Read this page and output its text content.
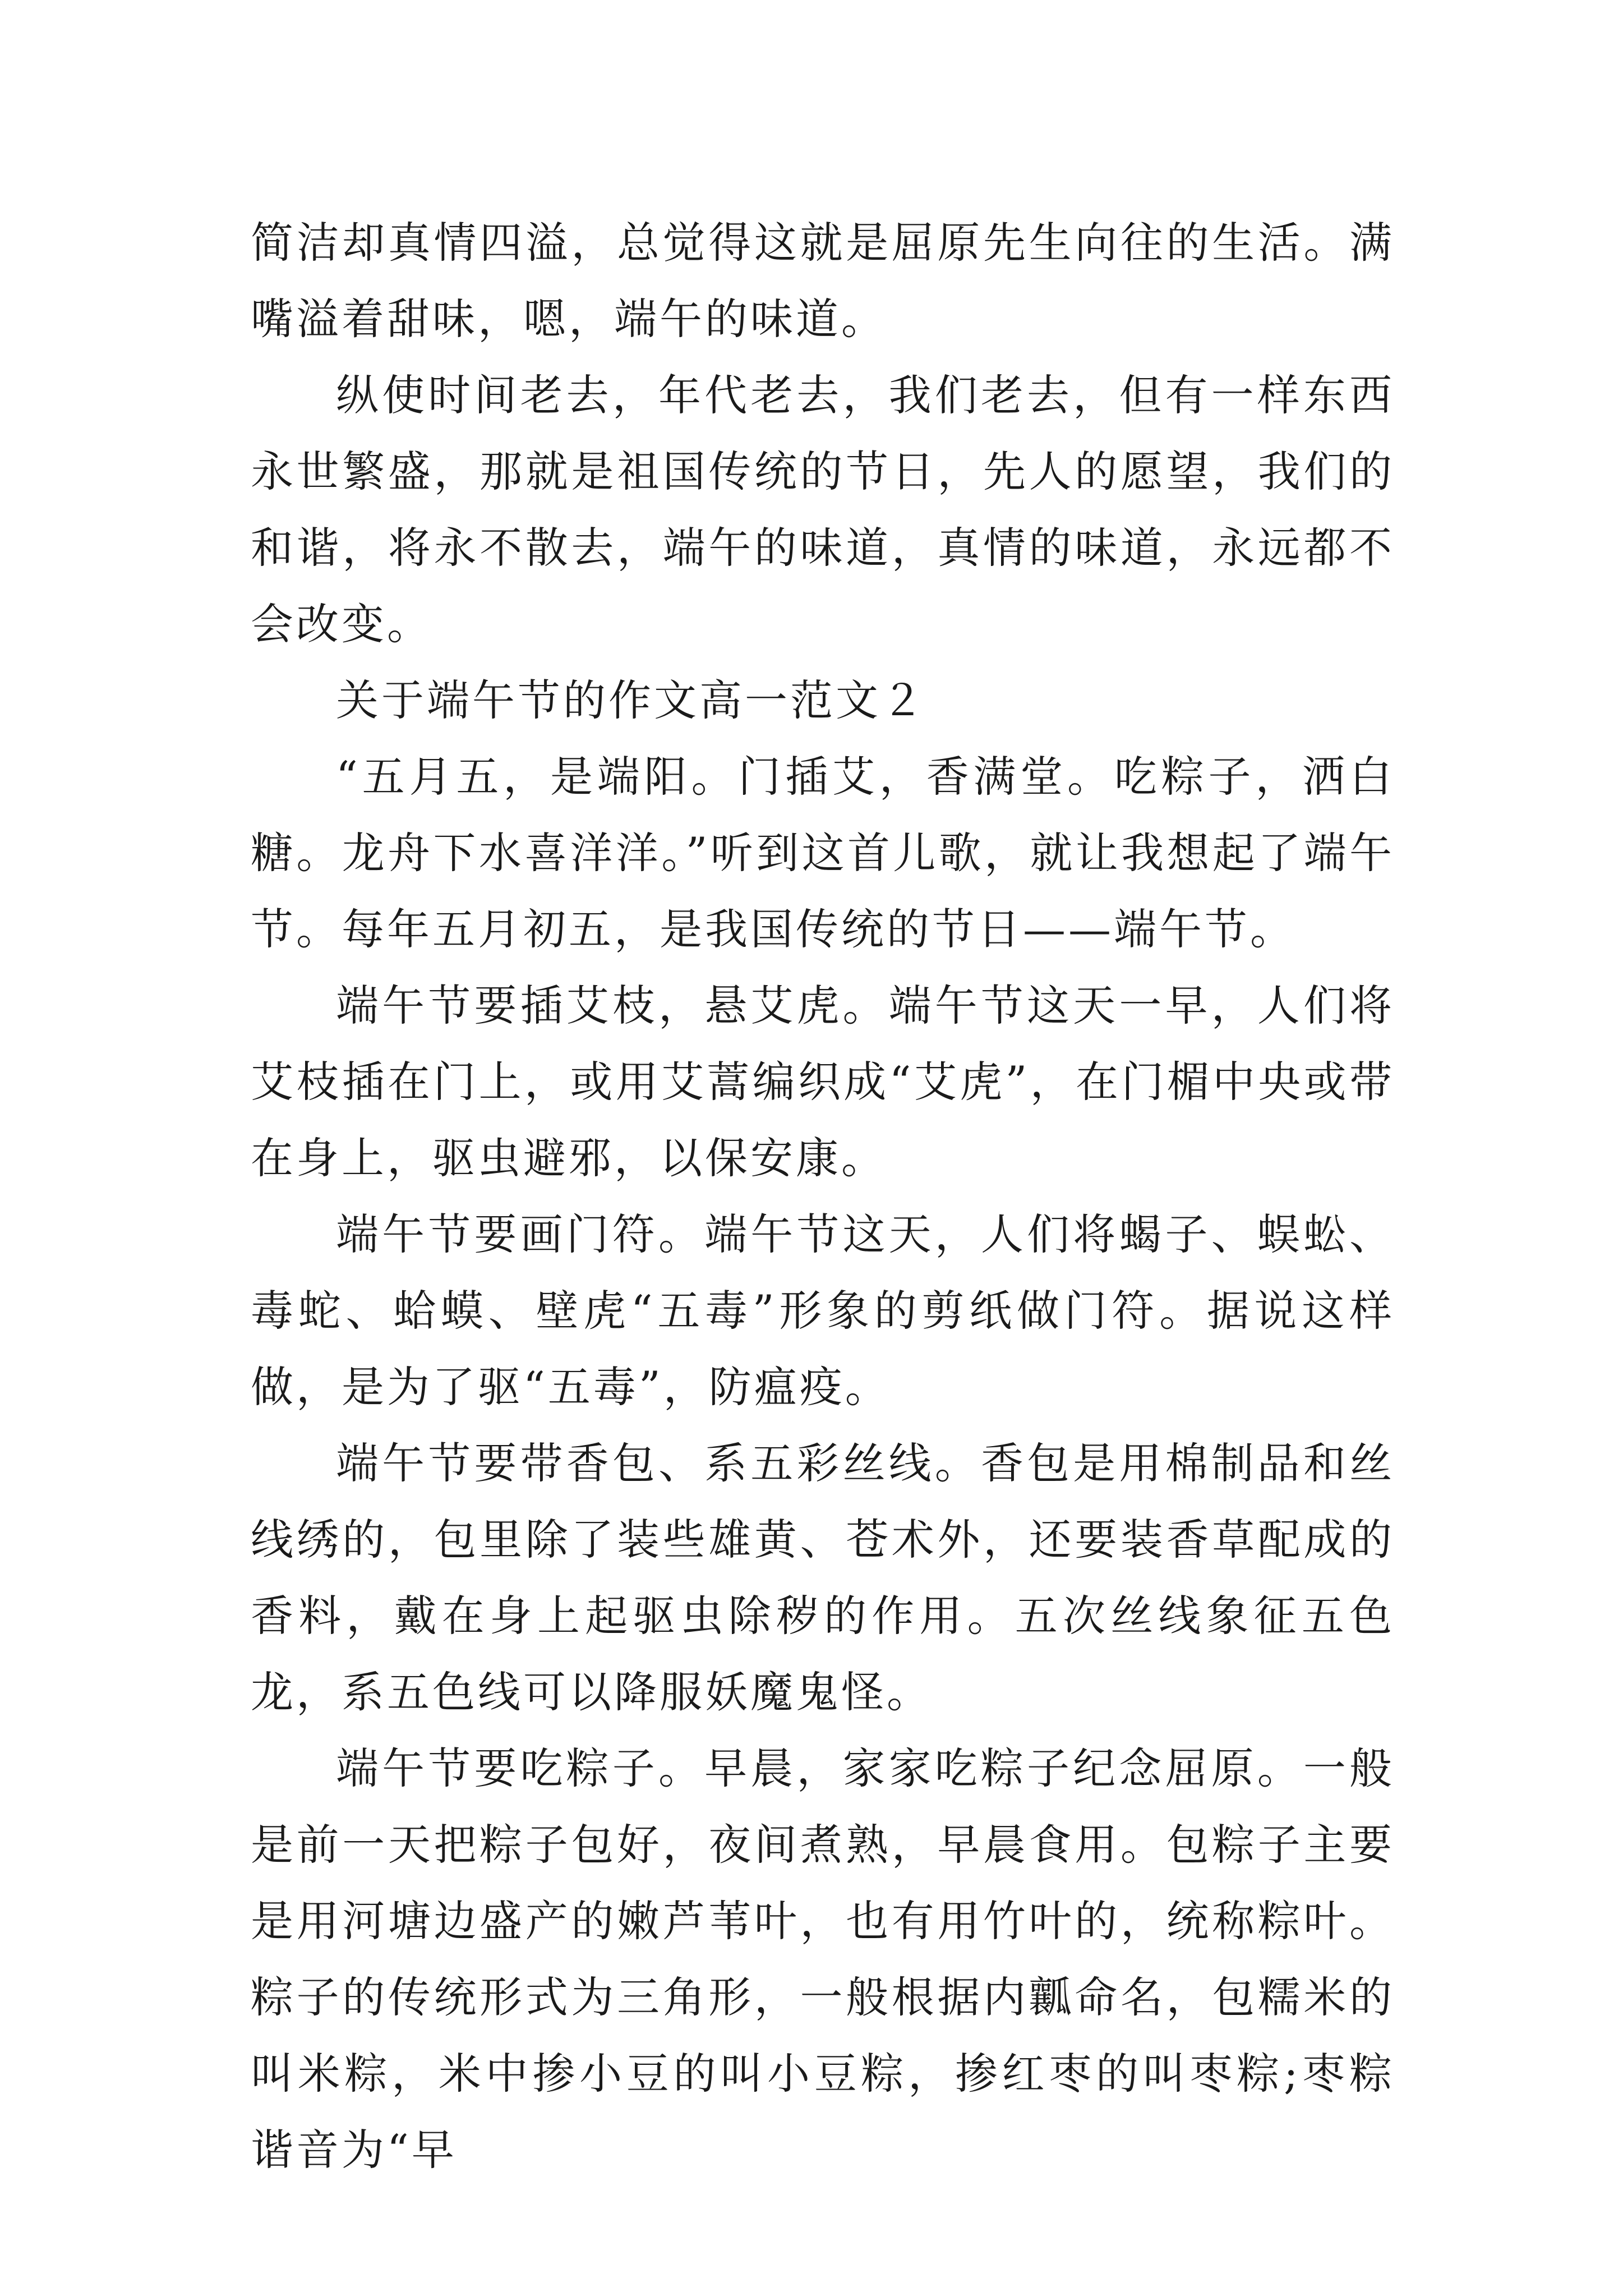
简洁却真情四溢，总觉得这就是屈原先生向往的生活。满嘴溢着甜味，嗯，端午的味道。

纵使时间老去，年代老去，我们老去，但有一样东西永世繁盛，那就是祖国传统的节日，先人的愿望，我们的和谐，将永不散去，端午的味道，真情的味道，永远都不会改变。

关于端午节的作文高一范文２

“五月五，是端阳。门插艾，香满堂。吃粽子，洒白糖。龙舟下水喜洋洋。”听到这首儿歌，就让我想起了端午节。每年五月初五，是我国传统的节日——端午节。

端午节要插艾枝，悬艾虎。端午节这天一早，人们将艾枝插在门上，或用艾蒿编织成“艾虎”，在门楣中央或带在身上，驱虫避邪，以保安康。

端午节要画门符。端午节这天，人们将蝎子、蜈蚣、毒蛇、蛤蟆、壁虎“五毒”形象的剪纸做门符。据说这样做，是为了驱“五毒”，防瘟疫。

端午节要带香包、系五彩丝线。香包是用棉制品和丝线绣的，包里除了装些雄黄、苍术外，还要装香草配成的香料，戴在身上起驱虫除秽的作用。五次丝线象征五色龙，系五色线可以降服妖魔鬼怪。

端午节要吃粽子。早晨，家家吃粽子纪念屈原。一般是前一天把粽子包好，夜间煮熟，早晨食用。包粽子主要是用河塘边盛产的嫩芦苇叶，也有用竹叶的，统称粽叶。粽子的传统形式为三角形，一般根据内瓤命名，包糯米的叫米粽，米中掺小豆的叫小豆粽，掺红枣的叫枣粽;枣粽谐音为“早
